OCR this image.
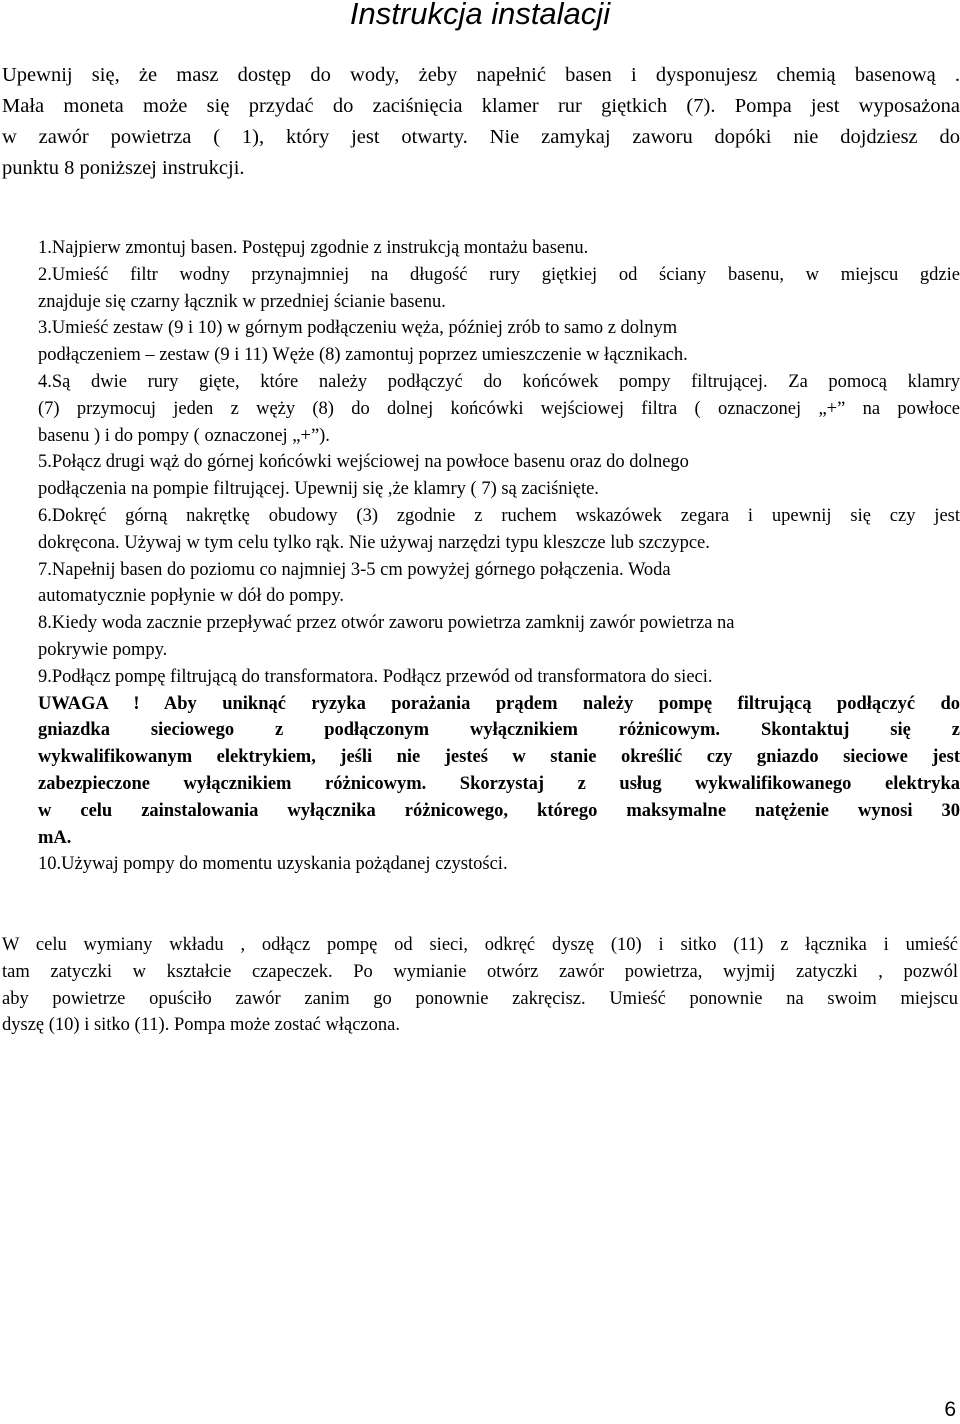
Instrukcja instalacji
Upewnij się, że masz dostęp do wody, żeby napełnić basen i dysponujesz chemią basenową .
Mała moneta może się przydać do zaciśnięcia klamer rur giętkich (7). Pompa jest wyposażona
w zawór powietrza ( 1), który jest otwarty. Nie zamykaj zaworu dopóki nie dojdziesz do
punktu 8 poniższej instrukcji.
1.Najpierw zmontuj basen. Postępuj zgodnie z instrukcją montażu basenu.
2.Umieść filtr wodny przynajmniej na długość rury giętkiej od ściany basenu, w miejscu gdzie
znajduje się czarny łącznik w przedniej ścianie basenu.
3.Umieść zestaw (9 i 10) w górnym podłączeniu węża, później zrób to samo z dolnym
podłączeniem – zestaw (9 i 11) Węże (8) zamontuj poprzez umieszczenie w łącznikach.
4.Są dwie rury gięte, które należy podłączyć do końcówek pompy filtrującej. Za pomocą klamry
(7) przymocuj jeden z węży (8) do dolnej końcówki wejściowej filtra ( oznaczonej „+” na powłoce
basenu ) i do pompy ( oznaczonej „+”).
5.Połącz drugi wąż do górnej końcówki wejściowej na powłoce basenu oraz do dolnego
podłączenia na pompie filtrującej. Upewnij się ,że klamry ( 7) są zaciśnięte.
6.Dokręć górną nakrętkę obudowy (3) zgodnie z ruchem wskazówek zegara i upewnij się czy jest
dokręcona. Używaj w tym celu tylko rąk. Nie używaj narzędzi typu kleszcze lub szczypce.
7.Napełnij basen do poziomu co najmniej 3-5 cm powyżej górnego połączenia. Woda
automatycznie popłynie w dół do pompy.
8.Kiedy woda zacznie przepływać przez otwór zaworu powietrza zamknij zawór powietrza na
pokrywie pompy.
9.Podłącz pompę filtrującą do transformatora. Podłącz przewód od transformatora do sieci.
UWAGA ! Aby uniknąć ryzyka porażania prądem należy pompę filtrującą podłączyć do
gniazdka sieciowego z podłączonym wyłącznikiem różnicowym. Skontaktuj się z
wykwalifikowanym elektrykiem, jeśli nie jesteś w stanie określić czy gniazdo sieciowe jest
zabezpieczone wyłącznikiem różnicowym. Skorzystaj z usług wykwalifikowanego elektryka
w celu zainstalowania wyłącznika różnicowego, którego maksymalne natężenie wynosi 30
mA.
10.Używaj pompy do momentu uzyskania pożądanej czystości.
W celu wymiany wkładu , odłącz pompę od sieci, odkręć dyszę (10) i sitko (11) z łącznika i umieść
tam zatyczki w kształcie czapeczek. Po wymianie otwórz zawór powietrza, wyjmij zatyczki , pozwól
aby powietrze opuściło zawór zanim go ponownie zakręcisz. Umieść ponownie na swoim miejscu
dyszę (10) i sitko (11). Pompa może zostać włączona.
6
